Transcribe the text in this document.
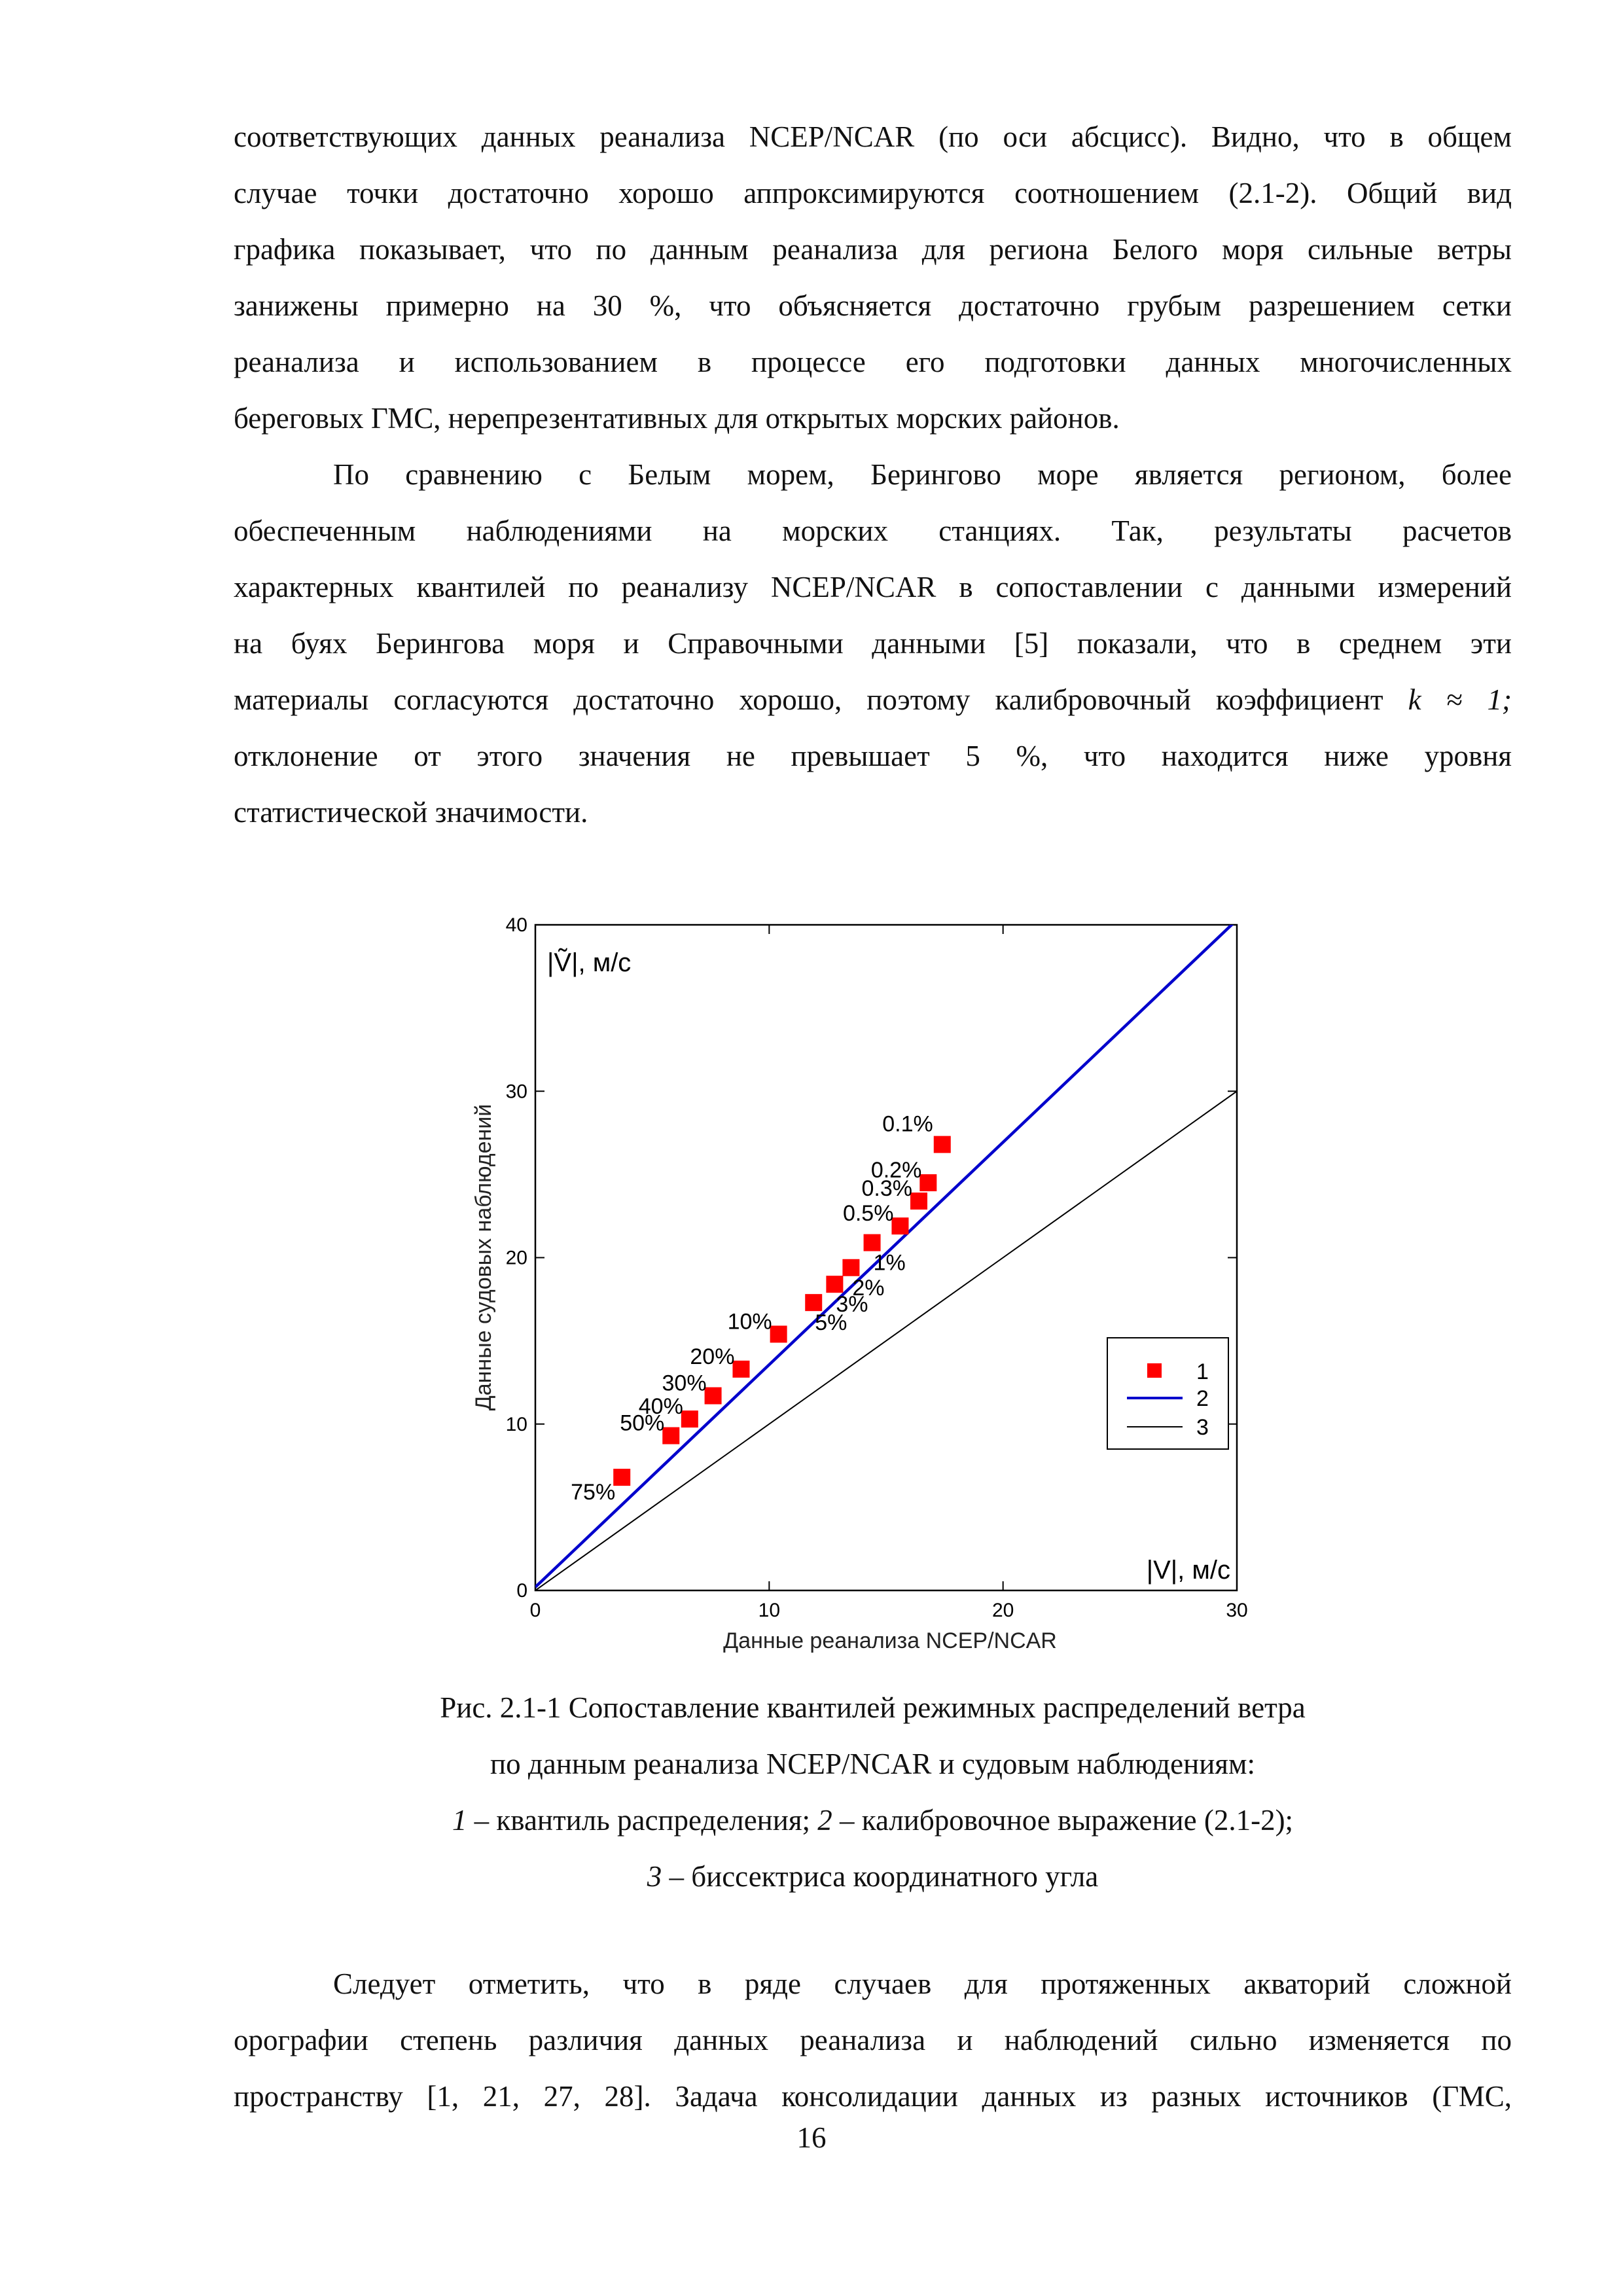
соответствующих данных реанализа NCEP/NCAR (по оси абсцисс). Видно, что в общем
случае точки достаточно хорошо аппроксимируются соотношением (2.1-2). Общий вид
графика показывает, что по данным реанализа для региона Белого моря сильные ветры
занижены примерно на 30 %, что объясняется достаточно грубым разрешением сетки
реанализа и использованием в процессе его подготовки данных многочисленных
береговых ГМС, нерепрезентативных для открытых морских районов.
По сравнению с Белым морем, Берингово море является регионом, более
обеспеченным наблюдениями на морских станциях. Так, результаты расчетов
характерных квантилей по реанализу NCEP/NCAR в сопоставлении с данными измерений
на буях Берингова моря и Справочными данными [5] показали, что в среднем эти
материалы согласуются достаточно хорошо, поэтому калибровочный коэффициент k ≈ 1;
отклонение от этого значения не превышает 5 %, что находится ниже уровня
статистической значимости.
0	10	20	30
0
10
20
30
40
75%
50%
40%
30%
20%
10% 5%
3%
2%
1%
0.5%
0.3%
0.2%
0.1%
|Ṽ|, м/с
|V|, м/с
Данные реанализа NCEP/NCAR
Данные судовых наблюдений	1
2
3
Рис. 2.1-1 Сопоставление квантилей режимных распределений ветра
по данным реанализа NCEP/NCAR и судовым наблюдениям:
1 – квантиль распределения; 2 – калибровочное выражение (2.1-2);
3 – биссектриса координатного угла
Следует отметить, что в ряде случаев для протяженных акваторий сложной
орографии степень различия данных реанализа и наблюдений сильно изменяется по
пространству [1, 21, 27, 28]. Задача консолидации данных из разных источников (ГМС,
16
